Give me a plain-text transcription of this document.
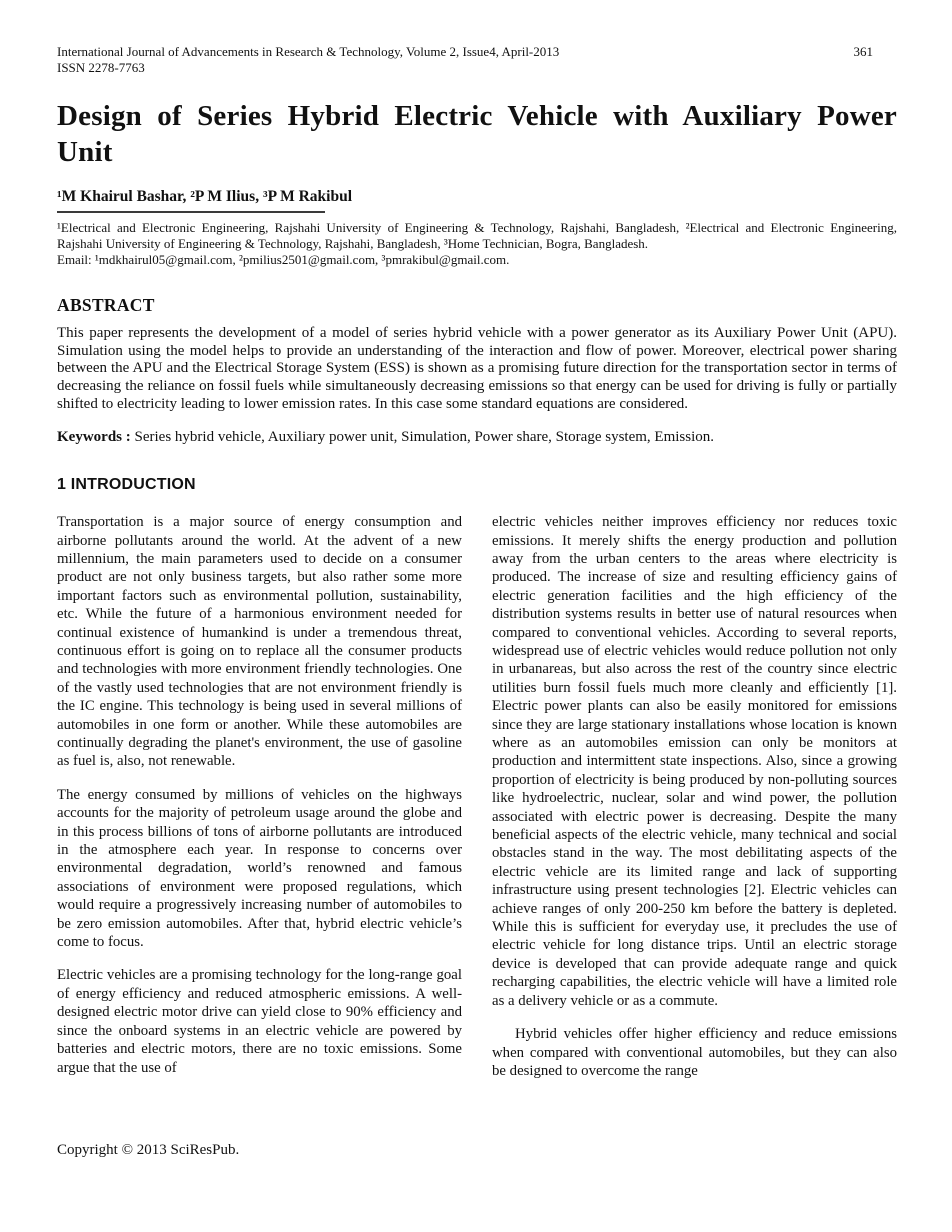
International Journal of Advancements in Research & Technology, Volume 2, Issue4, April-2013
ISSN 2278-7763
361
Design of Series Hybrid Electric Vehicle with Auxiliary Power Unit
¹M Khairul Bashar, ²P M Ilius, ³P M Rakibul

¹Electrical and Electronic Engineering, Rajshahi University of Engineering & Technology, Rajshahi, Bangladesh, ²Electrical and Electronic Engineering, Rajshahi University of Engineering & Technology, Rajshahi, Bangladesh, ³Home Technician, Bogra, Bangladesh.

Email: ¹mdkhairul05@gmail.com, ²pmilius2501@gmail.com, ³pmrakibul@gmail.com.

ABSTRACT

This paper represents the development of a model of series hybrid vehicle with a power generator as its Auxiliary Power Unit (APU). Simulation using the model helps to provide an understanding of the interaction and flow of power. Moreover, electrical power sharing between the APU and the Electrical Storage System (ESS) is shown as a promising future direction for the transportation sector in terms of decreasing the reliance on fossil fuels while simultaneously decreasing emissions so that energy can be used for driving is fully or partially shifted to electricity leading to lower emission rates. In this case some standard equations are considered.

Keywords : Series hybrid vehicle, Auxiliary power unit, Simulation, Power share, Storage system, Emission.

1 INTRODUCTION

Transportation is a major source of energy consumption and airborne pollutants around the world. At the advent of a new millennium, the main parameters used to decide on a consumer product are not only business targets, but also rather some more important factors such as environmental pollution, sustainability, etc. While the future of a harmonious environment needed for continual existence of humankind is under a tremendous threat, continuous effort is going on to replace all the consumer products and technologies with more environment friendly technologies. One of the vastly used technologies that are not environment friendly is the IC engine. This technology is being used in several millions of automobiles in one form or another. While these automobiles are continually degrading the planet's environment, the use of gasoline as fuel is, also, not renewable.

The energy consumed by millions of vehicles on the highways accounts for the majority of petroleum usage around the globe and in this process billions of tons of airborne pollutants are introduced in the atmosphere each year. In response to concerns over environmental degradation, world’s renowned and famous associations of environment were proposed regulations, which would require a progressively increasing number of automobiles to be zero emission automobiles. After that, hybrid electric vehicle’s come to focus.

Electric vehicles are a promising technology for the long-range goal of energy efficiency and reduced atmospheric emissions. A well-designed electric motor drive can yield close to 90% efficiency and since the onboard systems in an electric vehicle are powered by batteries and electric motors, there are no toxic emissions. Some argue that the use of

electric vehicles neither improves efficiency nor reduces toxic emissions. It merely shifts the energy production and pollution away from the urban centers to the areas where electricity is produced. The increase of size and resulting efficiency gains of electric generation facilities and the high efficiency of the distribution systems results in better use of natural resources when compared to conventional vehicles. According to several reports, widespread use of electric vehicles would reduce pollution not only in urbanareas, but also across the rest of the country since electric utilities burn fossil fuels much more cleanly and efficiently [1]. Electric power plants can also be easily monitored for emissions since they are large stationary installations whose location is known where as an automobiles emission can only be monitors at production and intermittent state inspections. Also, since a growing proportion of electricity is being produced by non-polluting sources like hydroelectric, nuclear, solar and wind power, the pollution associated with electric power is decreasing. Despite the many beneficial aspects of the electric vehicle, many technical and social obstacles stand in the way. The most debilitating aspects of the electric vehicle are its limited range and lack of supporting infrastructure using present technologies [2]. Electric vehicles can achieve ranges of only 200-250 km before the battery is depleted. While this is sufficient for everyday use, it precludes the use of electric vehicle for long distance trips. Until an electric storage device is developed that can provide adequate range and quick recharging capabilities, the electric vehicle will have a limited role as a delivery vehicle or as a commute.

Hybrid vehicles offer higher efficiency and reduce emissions when compared with conventional automobiles, but they can also be designed to overcome the range

Copyright © 2013 SciResPub.
